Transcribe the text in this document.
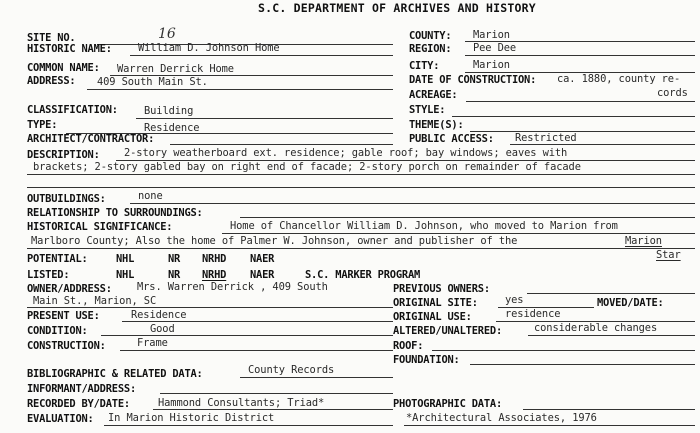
S.C. DEPARTMENT OF ARCHIVES AND HISTORY
SITE NO.	16	COUNTY: Marion
HISTORIC NAME:	William D. Johnson Home	REGION: Pee Dee
COMMON NAME: Warren Derrick Home	CITY:	Marion
ADDRESS: 409 South Main St.	DATE OF CONSTRUCTION: ca. 1880, county re-
cords
ACREAGE:
CLASSIFICATION:	Building	STYLE:
TYPE:	Residence	THEME(S):
ARCHITECT/CONTRACTOR:	PUBLIC ACCESS: Restricted
DESCRIPTION: 2-story weatherboard ext. residence; gable roof; bay windows; eaves with
brackets; 2-story gabled bay on right end of facade; 2-story porch on remainder of facade
OUTBUILDINGS:	none
RELATIONSHIP TO SURROUNDINGS:
HISTORICAL SIGNIFICANCE:	Home of Chancellor William D. Johnson, who moved to Marion from
Marlboro County; Also the home of Palmer W. Johnson, owner and publisher of the	Marion
Star
POTENTIAL:	NHL	NR NRHD NAER
LISTED:	NHL	NR NRHD NAER	S.C. MARKER PROGRAM
OWNER/ADDRESS: Mrs. Warren Derrick , 409 South
Main St., Marion, SC
PREVIOUS OWNERS:
ORIGINAL SITE:	yes	MOVED/DATE:
PRESENT USE:	Residence	ORIGINAL USE:	residence
CONDITION:	Good	ALTERED/UNALTERED:	considerable changes
CONSTRUCTION:	Frame	ROOF:
FOUNDATION:
BIBLIOGRAPHIC & RELATED DATA:	County Records
INFORMANT/ADDRESS:
RECORDED BY/DATE:	Hammond Consultants; Triad*	PHOTOGRAPHIC DATA:
EVALUATION: In Marion Historic District	*Architectural Associates, 1976
